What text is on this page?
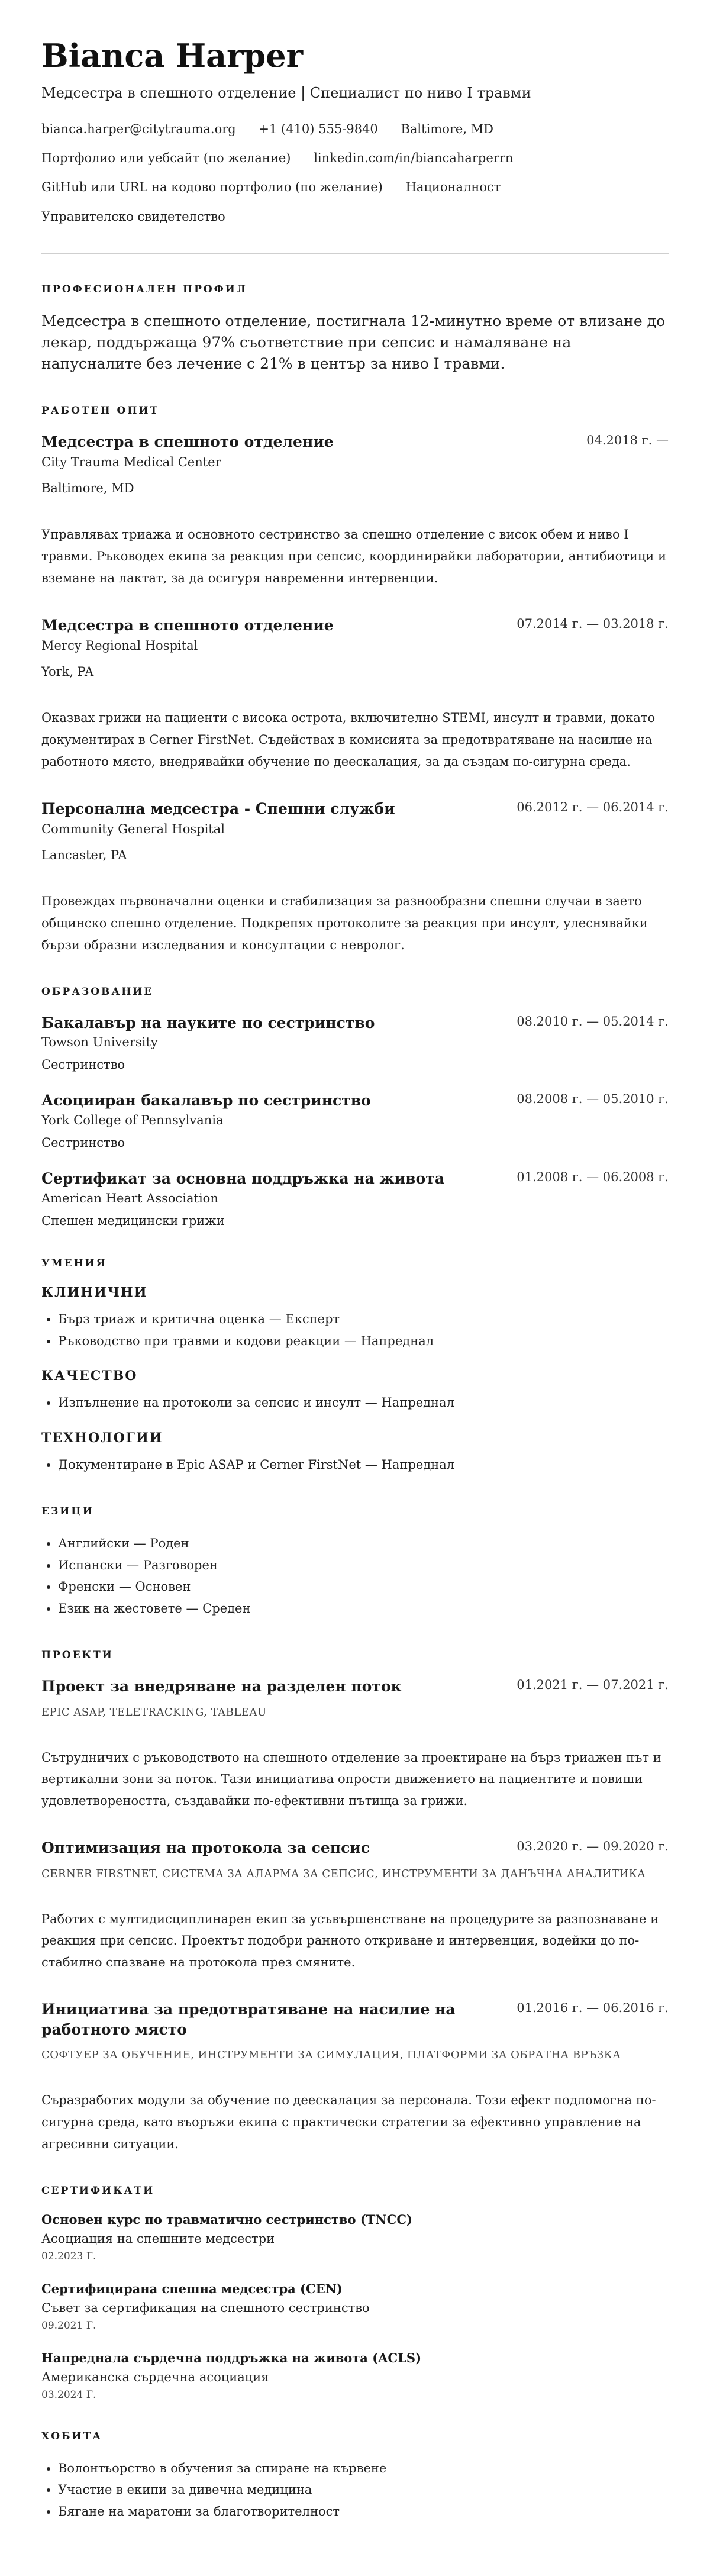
Bianca Harper

Медсестра в спешното отделение | Специалист по ниво I травми

bianca.harper@citytrauma.org +1 (410) 555-9840 Baltimore, MD
Портфолио или уебсайт (по желание) linkedin.com/in/biancaharperrn
GitHub или URL на кодово портфолио (по желание) Националност
Управителско свидетелство
ПРОФЕСИОНАЛЕН ПРОФИЛ

Медсестра в спешното отделение, постигнала 12-минутно време от влизане до лекар, поддържаща 97% съответствие при сепсис и намаляване на напусналите без лечение с 21% в център за ниво I травми.

РАБОТЕН ОПИТ
Медсестра в спешното отделение	04.2018 г. —

City Trauma Medical Center

Baltimore, MD

Управлявах триажа и основното сестринство за спешно отделение с висок обем и ниво I травми. Ръководех екипа за реакция при сепсис, координирайки лаборатории, антибиотици и вземане на лактат, за да осигуря навременни интервенции.

Медсестра в спешното отделение	07.2014 г. — 03.2018 г.

Mercy Regional Hospital

York, PA

Оказвах грижи на пациенти с висока острота, включително STEMI, инсулт и травми, докато документирах в Cerner FirstNet. Съдействах в комисията за предотвратяване на насилие на работното място, внедрявайки обучение по деескалация, за да създам по-сигурна среда.

Персонална медсестра - Спешни служби	06.2012 г. — 06.2014 г.

Community General Hospital

Lancaster, PA

Провеждах първоначални оценки и стабилизация за разнообразни спешни случаи в заето общинско спешно отделение. Подкрепях протоколите за реакция при инсулт, улеснявайки бързи образни изследвания и консултации с невролог.

ОБРАЗОВАНИЕ
Бакалавър на науките по сестринство	08.2010 г. — 05.2014 г.

Towson University

Сестринство

Асоцииран бакалавър по сестринство	08.2008 г. — 05.2010 г.

York College of Pennsylvania

Сестринство

Сертификат за основна поддръжка на живота	01.2008 г. — 06.2008 г.

American Heart Association

Спешен медицински грижи

УМЕНИЯ
КЛИНИЧНИ
• Бърз триаж и критична оценка — Експерт
• Ръководство при травми и кодови реакции — Напреднал
КАЧЕСТВО
• Изпълнение на протоколи за сепсис и инсулт — Напреднал
ТЕХНОЛОГИИ
• Документиране в Epic ASAP и Cerner FirstNet — Напреднал
ЕЗИЦИ
• Английски — Роден
• Испански — Разговорен
• Френски — Основен
• Език на жестовете — Среден
ПРОЕКТИ
Проект за внедряване на разделен поток	01.2021 г. — 07.2021 г.

EPIC ASAP, TELETRACKING, TABLEAU

Сътрудничих с ръководството на спешното отделение за проектиране на бърз триажен път и вертикални зони за поток. Тази инициатива опрости движението на пациентите и повиши удовлетвореността, създавайки по-ефективни пътища за грижи.

Оптимизация на протокола за сепсис	03.2020 г. — 09.2020 г.

CERNER FIRSTNET, СИСТЕМА ЗА АЛАРМА ЗА СЕПСИС, ИНСТРУМЕНТИ ЗА ДАНЪЧНА АНАЛИТИКА

Работих с мултидисциплинарен екип за усъвършенстване на процедурите за разпознаване и реакция при сепсис. Проектът подобри ранното откриване и интервенция, водейки до по-стабилно спазване на протокола през смяните.

Инициатива за предотвратяване на насилие на работното място
01.2016 г. — 06.2016 г.

СОФТУЕР ЗА ОБУЧЕНИЕ, ИНСТРУМЕНТИ ЗА СИМУЛАЦИЯ, ПЛАТФОРМИ ЗА ОБРАТНА ВРЪЗКА

Съразработих модули за обучение по деескалация за персонала. Този ефект подломогна по-сигурна среда, като въоръжи екипа с практически стратегии за ефективно управление на агресивни ситуации.

СЕРТИФИКАТИ

Основен курс по травматично сестринство (TNCC)

Асоциация на спешните медсестри

02.2023 Г.

Сертифицирана спешна медсестра (CEN)

Съвет за сертификация на спешното сестринство

09.2021 Г.

Напреднала сърдечна поддръжка на живота (ACLS)

Американска сърдечна асоциация

03.2024 Г.

ХОБИТА
• Волонтьорство в обучения за спиране на кървене
• Участие в екипи за дивечна медицина
• Бягане на маратони за благотворителност
